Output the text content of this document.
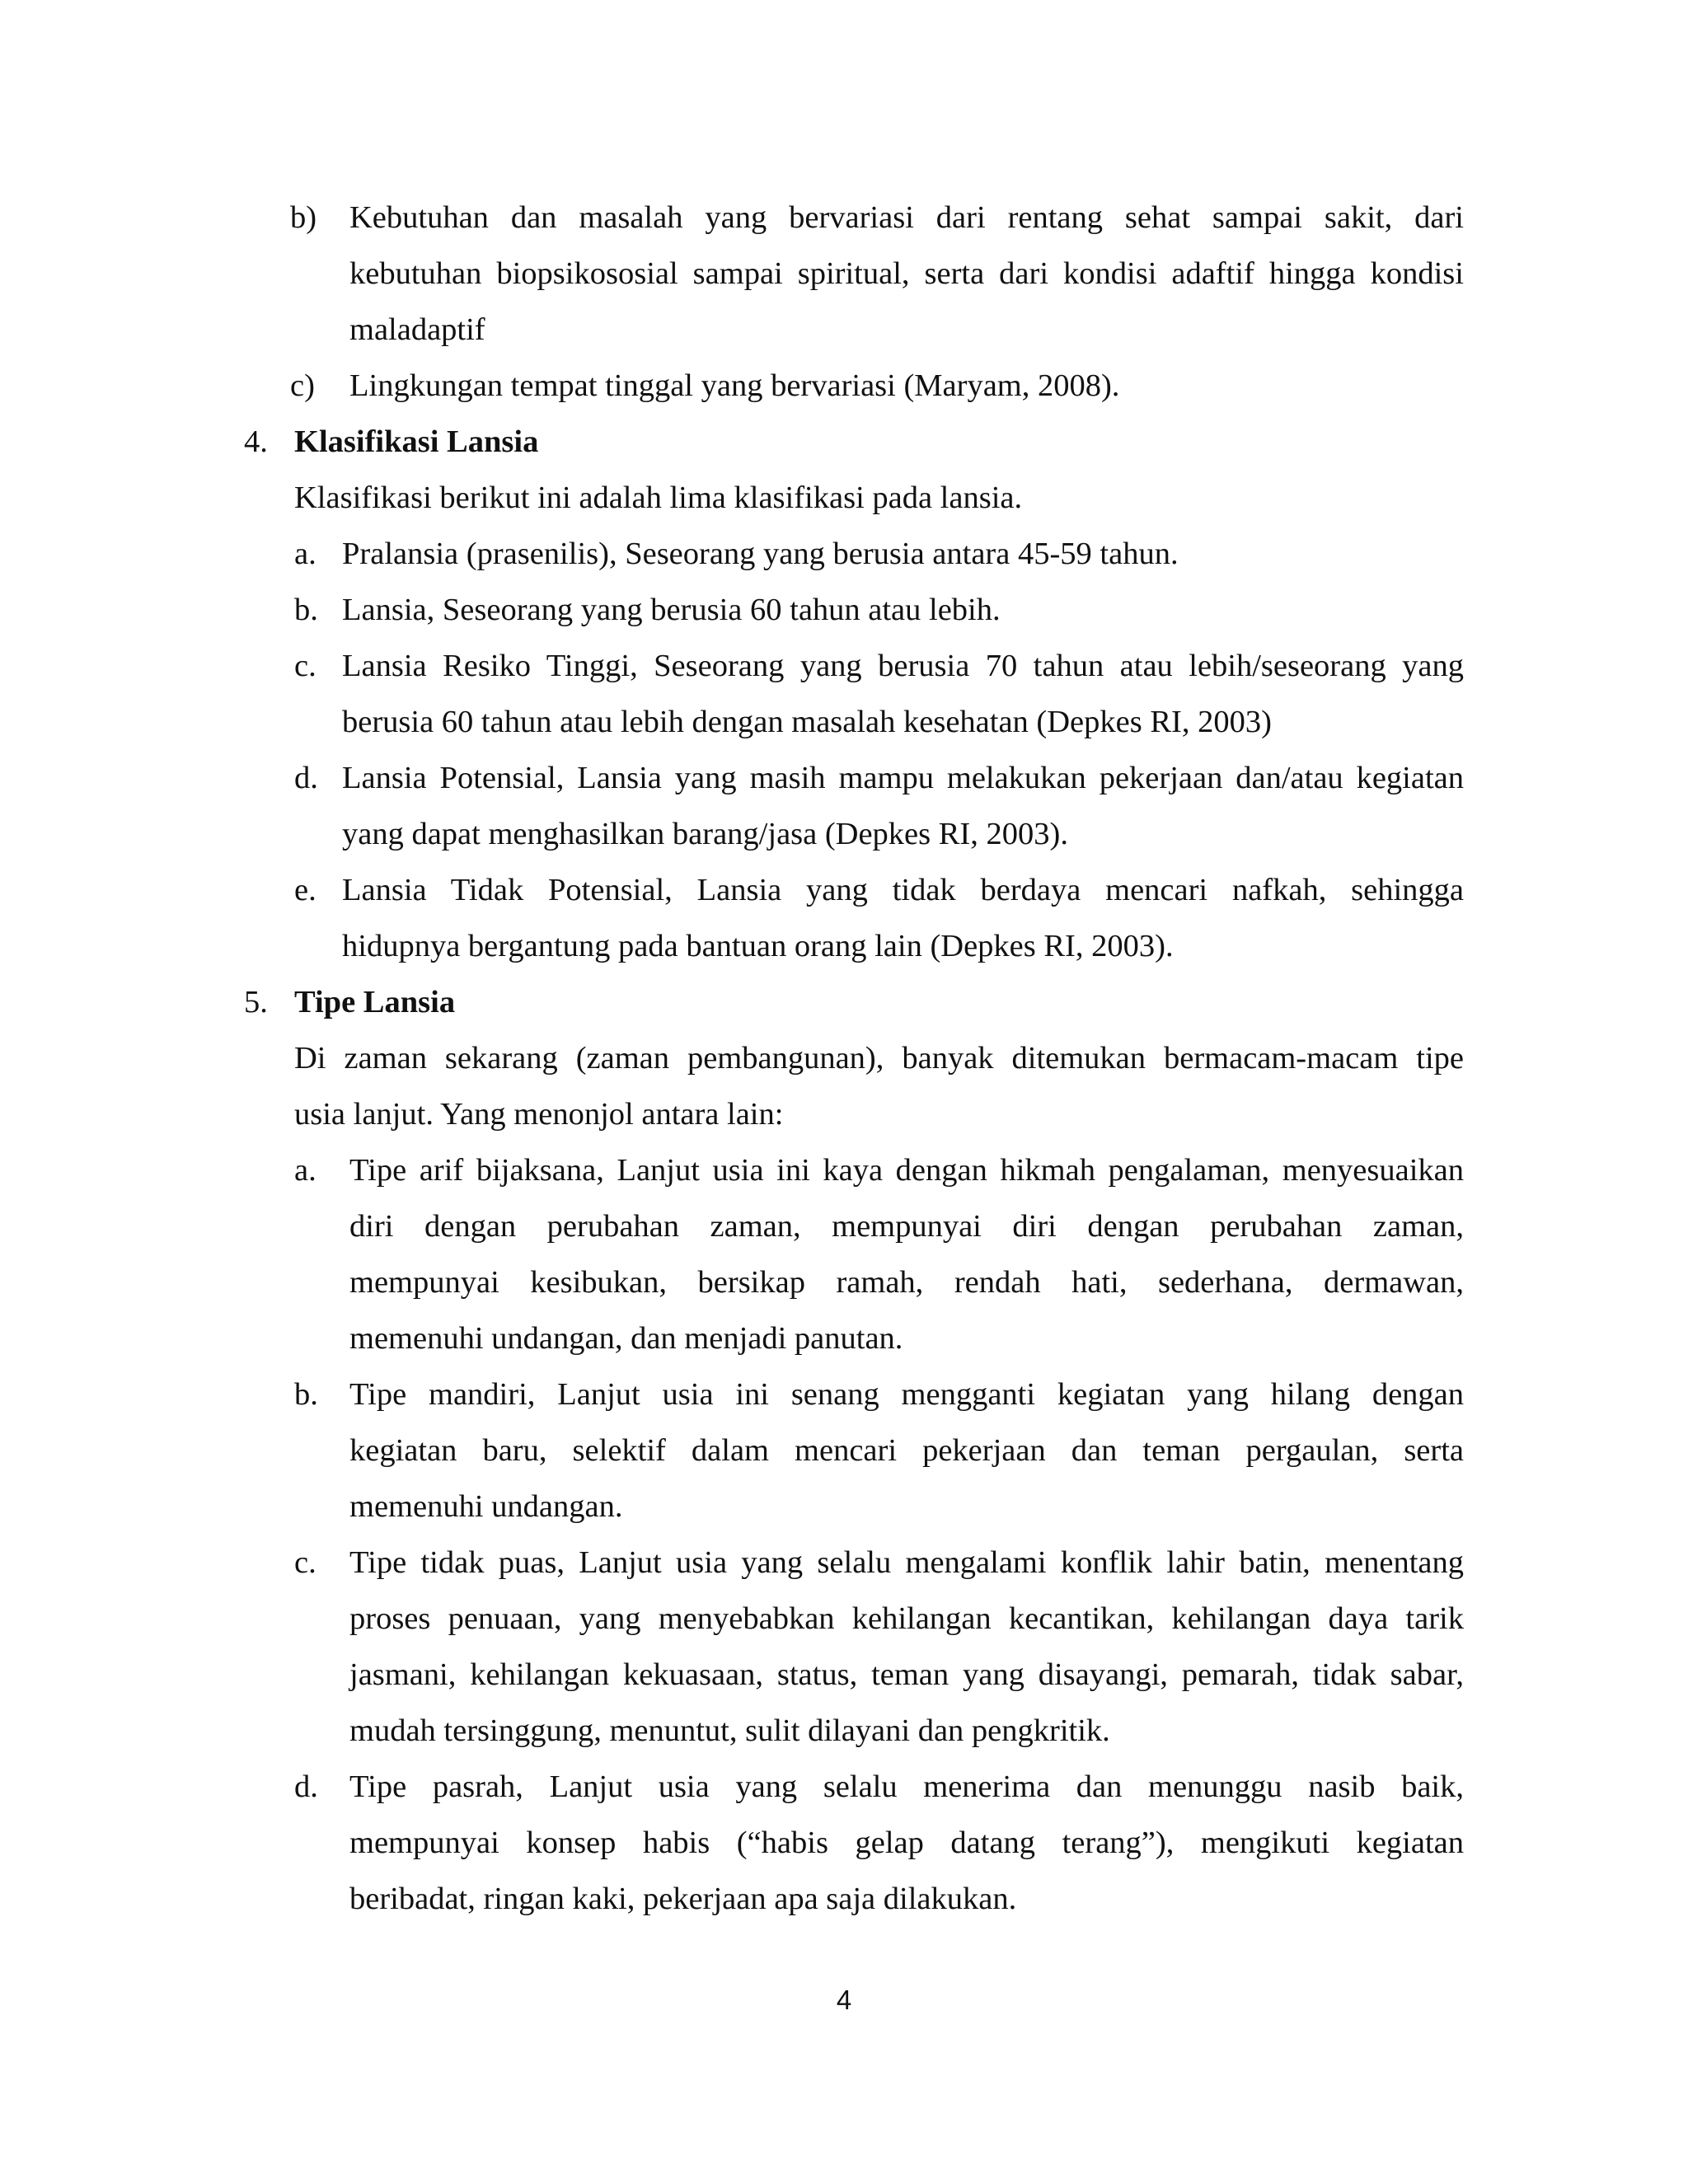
b) Kebutuhan dan masalah yang bervariasi dari rentang sehat sampai sakit, dari
kebutuhan biopsikososial sampai spiritual, serta dari kondisi adaftif hingga kondisi
maladaptif
c) Lingkungan tempat tinggal yang bervariasi (Maryam, 2008).
4. Klasifikasi Lansia
Klasifikasi berikut ini adalah lima klasifikasi pada lansia.
a. Pralansia (prasenilis), Seseorang yang berusia antara 45-59 tahun.
b. Lansia, Seseorang yang berusia 60 tahun atau lebih.
c. Lansia Resiko Tinggi, Seseorang yang berusia 70 tahun atau lebih/seseorang yang
berusia 60 tahun atau lebih dengan masalah kesehatan (Depkes RI, 2003)
d. Lansia Potensial, Lansia yang masih mampu melakukan pekerjaan dan/atau kegiatan
yang dapat menghasilkan barang/jasa (Depkes RI, 2003).
e. Lansia Tidak Potensial, Lansia yang tidak berdaya mencari nafkah, sehingga
hidupnya bergantung pada bantuan orang lain (Depkes RI, 2003).
5. Tipe Lansia
Di zaman sekarang (zaman pembangunan), banyak ditemukan bermacam-macam tipe
usia lanjut. Yang menonjol antara lain:
a. Tipe arif bijaksana, Lanjut usia ini kaya dengan hikmah pengalaman, menyesuaikan
diri dengan perubahan zaman, mempunyai diri dengan perubahan zaman,
mempunyai kesibukan, bersikap ramah, rendah hati, sederhana, dermawan,
memenuhi undangan, dan menjadi panutan.
b. Tipe mandiri, Lanjut usia ini senang mengganti kegiatan yang hilang dengan
kegiatan baru, selektif dalam mencari pekerjaan dan teman pergaulan, serta
memenuhi undangan.
c. Tipe tidak puas, Lanjut usia yang selalu mengalami konflik lahir batin, menentang
proses penuaan, yang menyebabkan kehilangan kecantikan, kehilangan daya tarik
jasmani, kehilangan kekuasaan, status, teman yang disayangi, pemarah, tidak sabar,
mudah tersinggung, menuntut, sulit dilayani dan pengkritik.
d. Tipe pasrah, Lanjut usia yang selalu menerima dan menunggu nasib baik,
mempunyai konsep habis (“habis gelap datang terang”), mengikuti kegiatan
beribadat, ringan kaki, pekerjaan apa saja dilakukan.
4
